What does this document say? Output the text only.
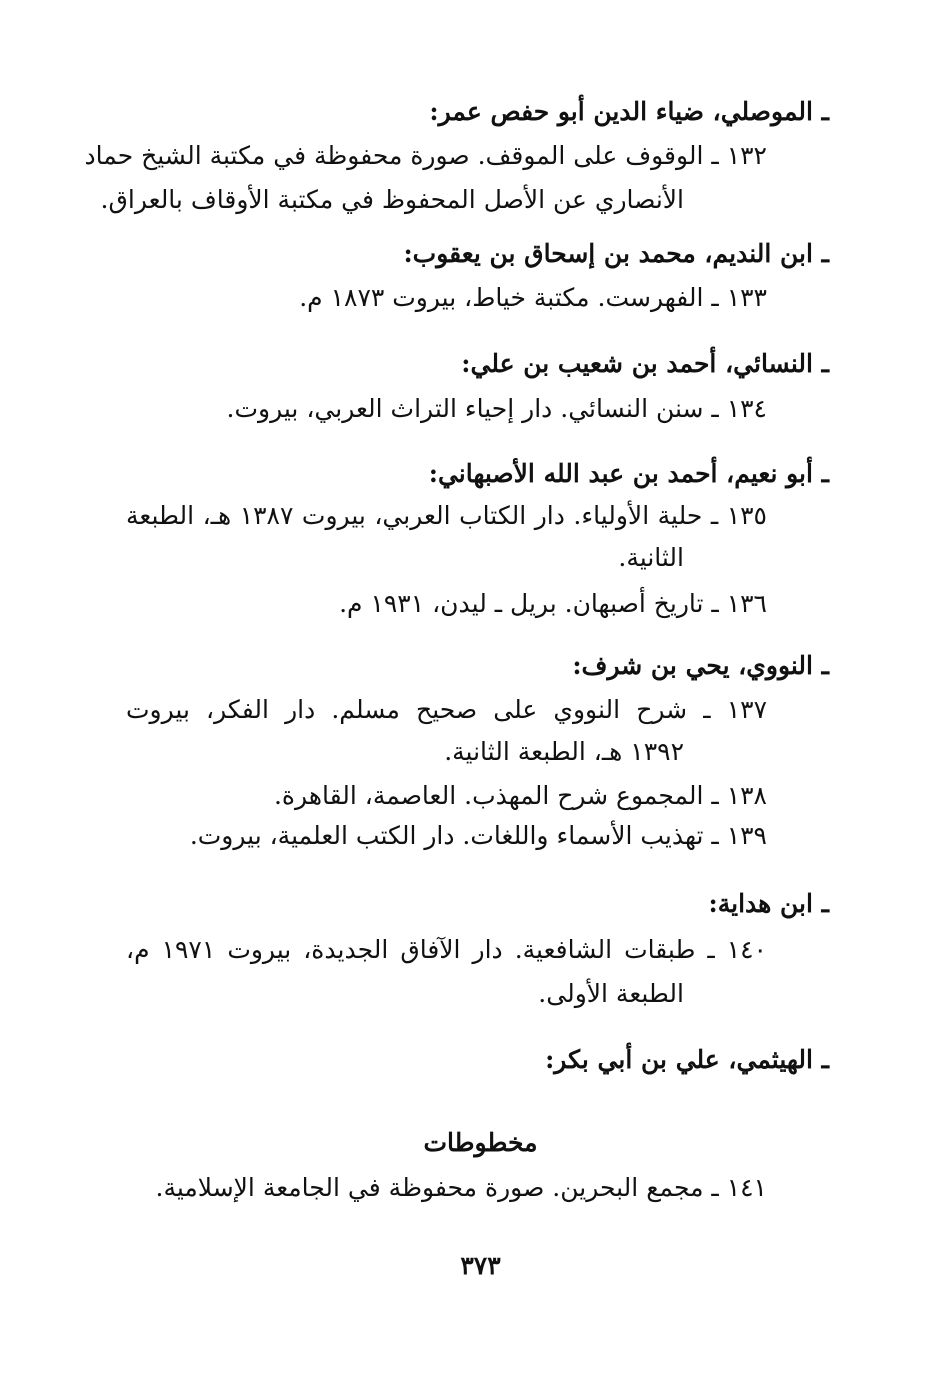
ـ الموصلي، ضياء الدين أبو حفص عمر:
١٣٢ ـ الوقوف على الموقف. صورة محفوظة في مكتبة الشيخ حماد
الأنصاري عن الأصل المحفوظ في مكتبة الأوقاف بالعراق.
ـ ابن النديم، محمد بن إسحاق بن يعقوب:
١٣٣ ـ الفهرست. مكتبة خياط، بيروت ١٨٧٣ م.
ـ النسائي، أحمد بن شعيب بن علي:
١٣٤ ـ سنن النسائي. دار إحياء التراث العربي، بيروت.
ـ أبو نعيم، أحمد بن عبد الله الأصبهاني:
١٣٥ ـ حلية الأولياء. دار الكتاب العربي، بيروت ١٣٨٧ هـ، الطبعة
الثانية.
١٣٦ ـ تاريخ أصبهان. بريل ـ ليدن، ١٩٣١ م.
ـ النووي، يحي بن شرف:
١٣٧ ـ شرح النووي على صحيح مسلم. دار الفكر، بيروت
١٣٩٢ هـ، الطبعة الثانية.
١٣٨ ـ المجموع شرح المهذب. العاصمة، القاهرة.
١٣٩ ـ تهذيب الأسماء واللغات. دار الكتب العلمية، بيروت.
ـ ابن هداية:
١٤٠ ـ طبقات الشافعية. دار الآفاق الجديدة، بيروت ١٩٧١ م،
الطبعة الأولى.
ـ الهيثمي، علي بن أبي بكر:
مخطوطات
١٤١ ـ مجمع البحرين. صورة محفوظة في الجامعة الإسلامية.
٣٧٣
